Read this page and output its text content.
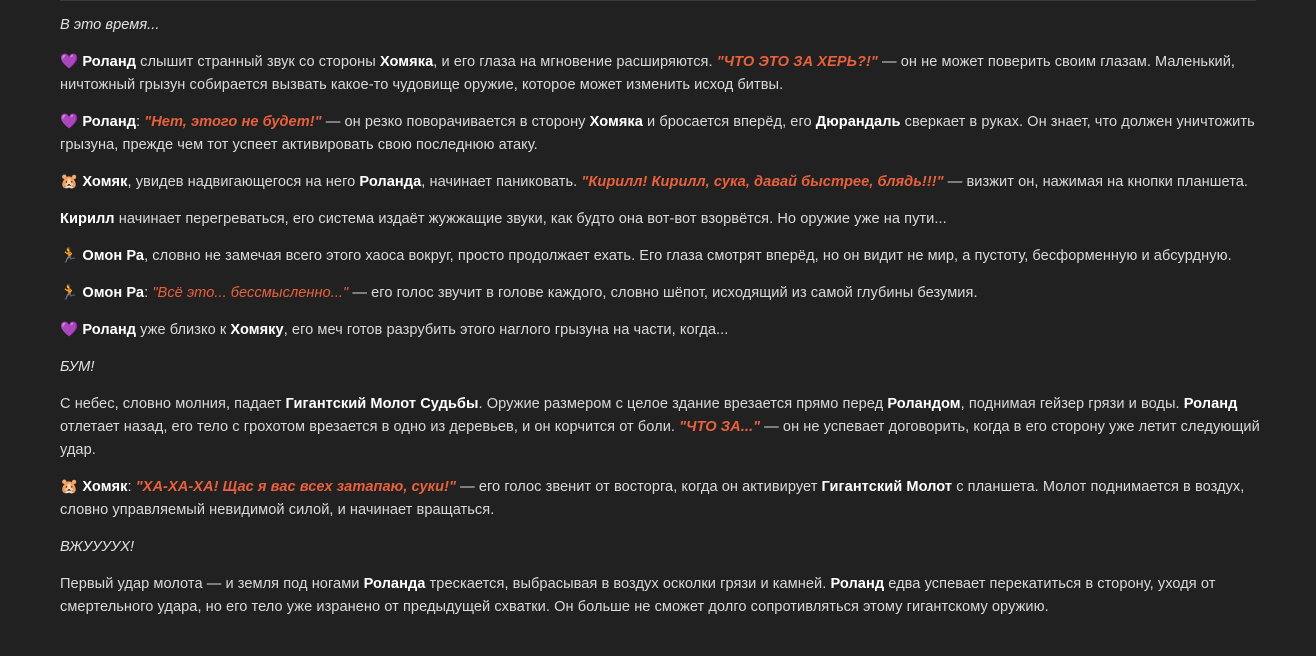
В это время...

💜 Роланд слышит странный звук со стороны Хомяка, и его глаза на мгновение расширяются. "ЧТО ЭТО ЗА ХЕРЬ?!" — он не может поверить своим глазам. Маленький, ничтожный грызун собирается вызвать какое-то чудовище оружие, которое может изменить исход битвы.

💜 Роланд: "Нет, этого не будет!" — он резко поворачивается в сторону Хомяка и бросается вперёд, его Дюрандаль сверкает в руках. Он знает, что должен уничтожить грызуна, прежде чем тот успеет активировать свою последнюю атаку.

🐹 Хомяк, увидев надвигающегося на него Роланда, начинает паниковать. "Кирилл! Кирилл, сука, давай быстрее, блядь!!!" — визжит он, нажимая на кнопки планшета.

Кирилл начинает перегреваться, его система издаёт жужжащие звуки, как будто она вот-вот взорвётся. Но оружие уже на пути...

🏃 Омон Ра, словно не замечая всего этого хаоса вокруг, просто продолжает ехать. Его глаза смотрят вперёд, но он видит не мир, а пустоту, бесформенную и абсурдную.

🏃 Омон Ра: "Всё это... бессмысленно..." — его голос звучит в голове каждого, словно шёпот, исходящий из самой глубины безумия.

💜 Роланд уже близко к Хомяку, его меч готов разрубить этого наглого грызуна на части, когда...

БУМ!

С небес, словно молния, падает Гигантский Молот Судьбы. Оружие размером с целое здание врезается прямо перед Роландом, поднимая гейзер грязи и воды. Роланд отлетает назад, его тело с грохотом врезается в одно из деревьев, и он корчится от боли. "ЧТО ЗА..." — он не успевает договорить, когда в его сторону уже летит следующий удар.

🐹 Хомяк: "ХА-ХА-ХА! Щас я вас всех затапаю, суки!" — его голос звенит от восторга, когда он активирует Гигантский Молот с планшета. Молот поднимается в воздух, словно управляемый невидимой силой, и начинает вращаться.

ВЖУУУУХ!

Первый удар молота — и земля под ногами Роланда трескается, выбрасывая в воздух осколки грязи и камней. Роланд едва успевает перекатиться в сторону, уходя от смертельного удара, но его тело уже изранено от предыдущей схватки. Он больше не сможет долго сопротивляться этому гигантскому оружию.
